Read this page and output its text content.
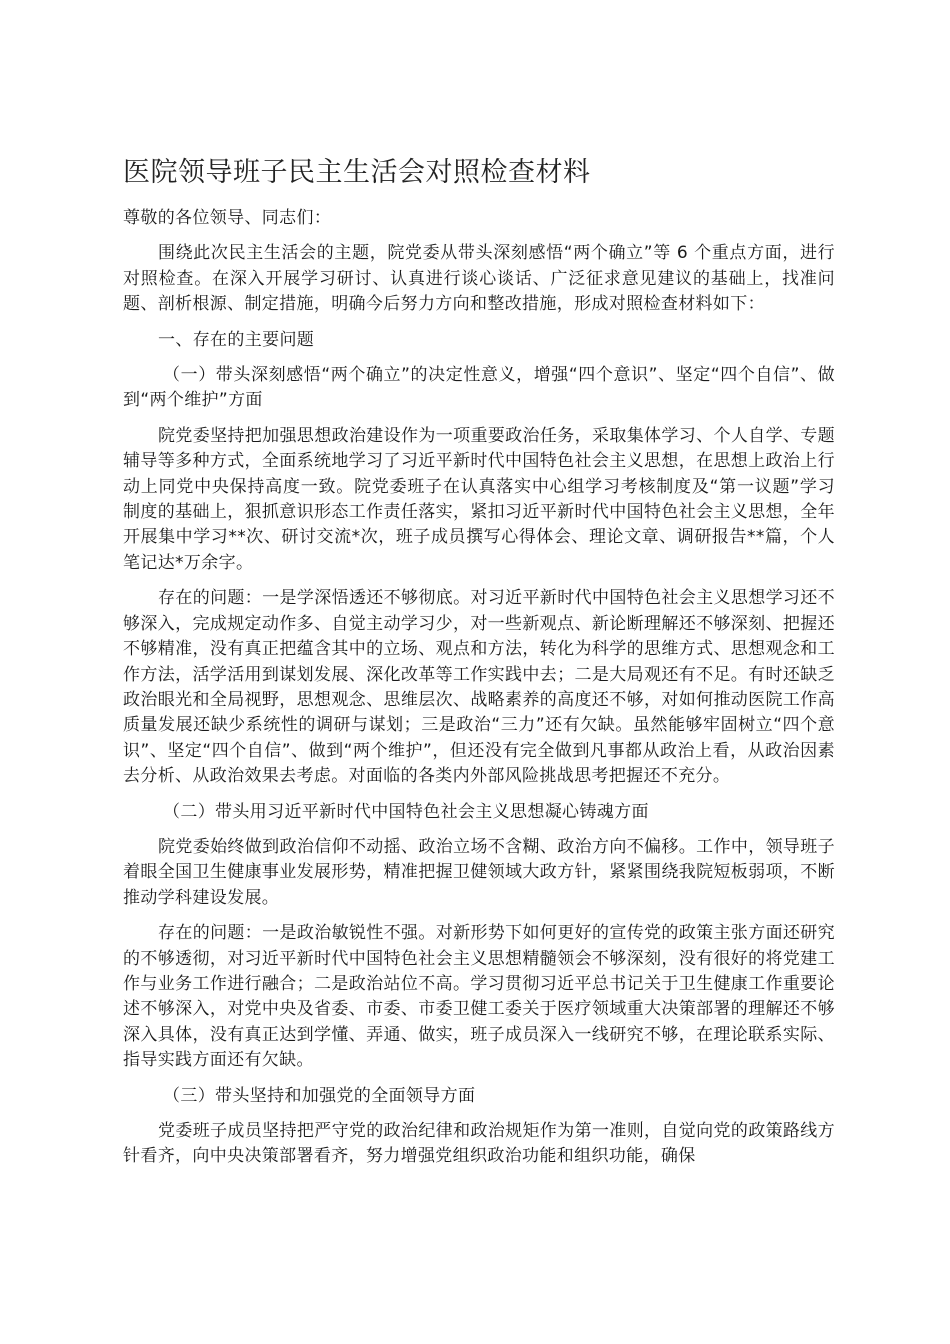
医院领导班子民主生活会对照检查材料

尊敬的各位领导、同志们：

围绕此次民主生活会的主题，院党委从带头深刻感悟“两个确立”等 6 个重点方面，进行对照检查。在深入开展学习研讨、认真进行谈心谈话、广泛征求意见建议的基础上，找准问题、剖析根源、制定措施，明确今后努力方向和整改措施，形成对照检查材料如下：

一、存在的主要问题

（一）带头深刻感悟“两个确立”的决定性意义，增强“四个意识”、坚定“四个自信”、做到“两个维护”方面

院党委坚持把加强思想政治建设作为一项重要政治任务，采取集体学习、个人自学、专题辅导等多种方式，全面系统地学习了习近平新时代中国特色社会主义思想，在思想上政治上行动上同党中央保持高度一致。院党委班子在认真落实中心组学习考核制度及“第一议题”学习制度的基础上，狠抓意识形态工作责任落实，紧扣习近平新时代中国特色社会主义思想，全年开展集中学习**次、研讨交流*次，班子成员撰写心得体会、理论文章、调研报告**篇，个人笔记达*万余字。

存在的问题：一是学深悟透还不够彻底。对习近平新时代中国特色社会主义思想学习还不够深入，完成规定动作多、自觉主动学习少，对一些新观点、新论断理解还不够深刻、把握还不够精准，没有真正把蕴含其中的立场、观点和方法，转化为科学的思维方式、思想观念和工作方法，活学活用到谋划发展、深化改革等工作实践中去；二是大局观还有不足。有时还缺乏政治眼光和全局视野，思想观念、思维层次、战略素养的高度还不够，对如何推动医院工作高质量发展还缺少系统性的调研与谋划；三是政治“三力”还有欠缺。虽然能够牢固树立“四个意识”、坚定“四个自信”、做到“两个维护”，但还没有完全做到凡事都从政治上看，从政治因素去分析、从政治效果去考虑。对面临的各类内外部风险挑战思考把握还不充分。

（二）带头用习近平新时代中国特色社会主义思想凝心铸魂方面

院党委始终做到政治信仰不动摇、政治立场不含糊、政治方向不偏移。工作中，领导班子着眼全国卫生健康事业发展形势，精准把握卫健领域大政方针，紧紧围绕我院短板弱项，不断推动学科建设发展。

存在的问题：一是政治敏锐性不强。对新形势下如何更好的宣传党的政策主张方面还研究的不够透彻，对习近平新时代中国特色社会主义思想精髓领会不够深刻，没有很好的将党建工作与业务工作进行融合；二是政治站位不高。学习贯彻习近平总书记关于卫生健康工作重要论述不够深入，对党中央及省委、市委、市委卫健工委关于医疗领域重大决策部署的理解还不够深入具体，没有真正达到学懂、弄通、做实，班子成员深入一线研究不够，在理论联系实际、指导实践方面还有欠缺。

（三）带头坚持和加强党的全面领导方面

党委班子成员坚持把严守党的政治纪律和政治规矩作为第一准则，自觉向党的政策路线方针看齐，向中央决策部署看齐，努力增强党组织政治功能和组织功能，确保
